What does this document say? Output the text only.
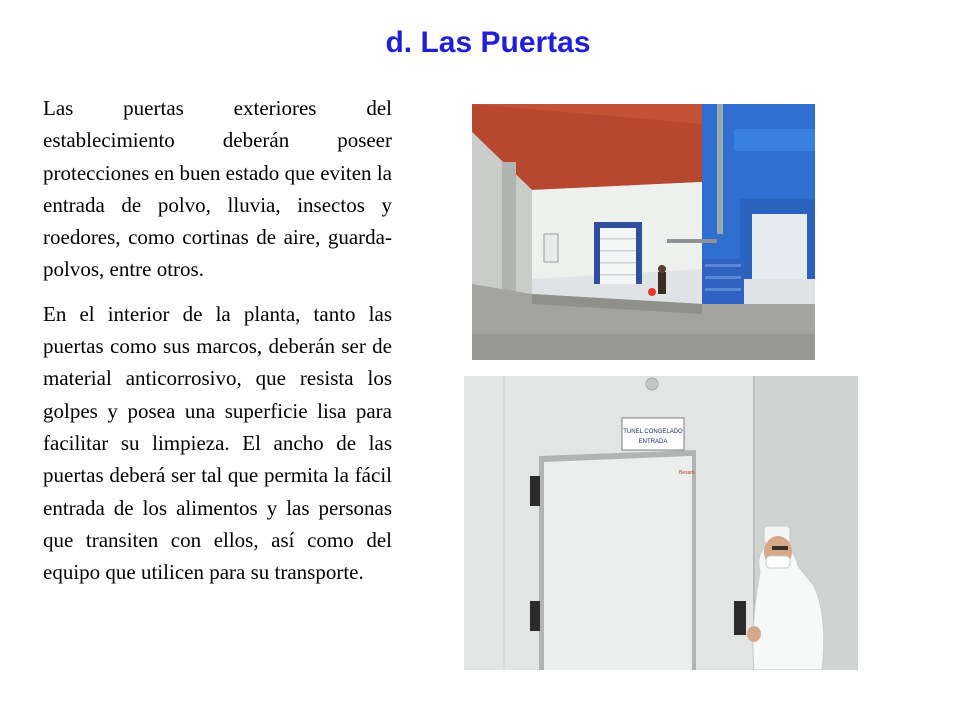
d. Las Puertas

Las puertas exteriores del establecimiento deberán poseer protecciones en buen estado que eviten la entrada de polvo, lluvia, insectos y roedores, como cortinas de aire, guarda-polvos, entre otros.

En el interior de la planta, tanto las puertas como sus marcos, deberán ser de material anticorrosivo, que resista los golpes y posea una superficie lisa para facilitar su limpieza. El ancho de las puertas deberá ser tal que permita la fácil entrada de los alimentos y las personas que transiten con ellos, así como del equipo que utilicen para su transporte.

TUNEL CONGELADO
ENTRADA
Besam
